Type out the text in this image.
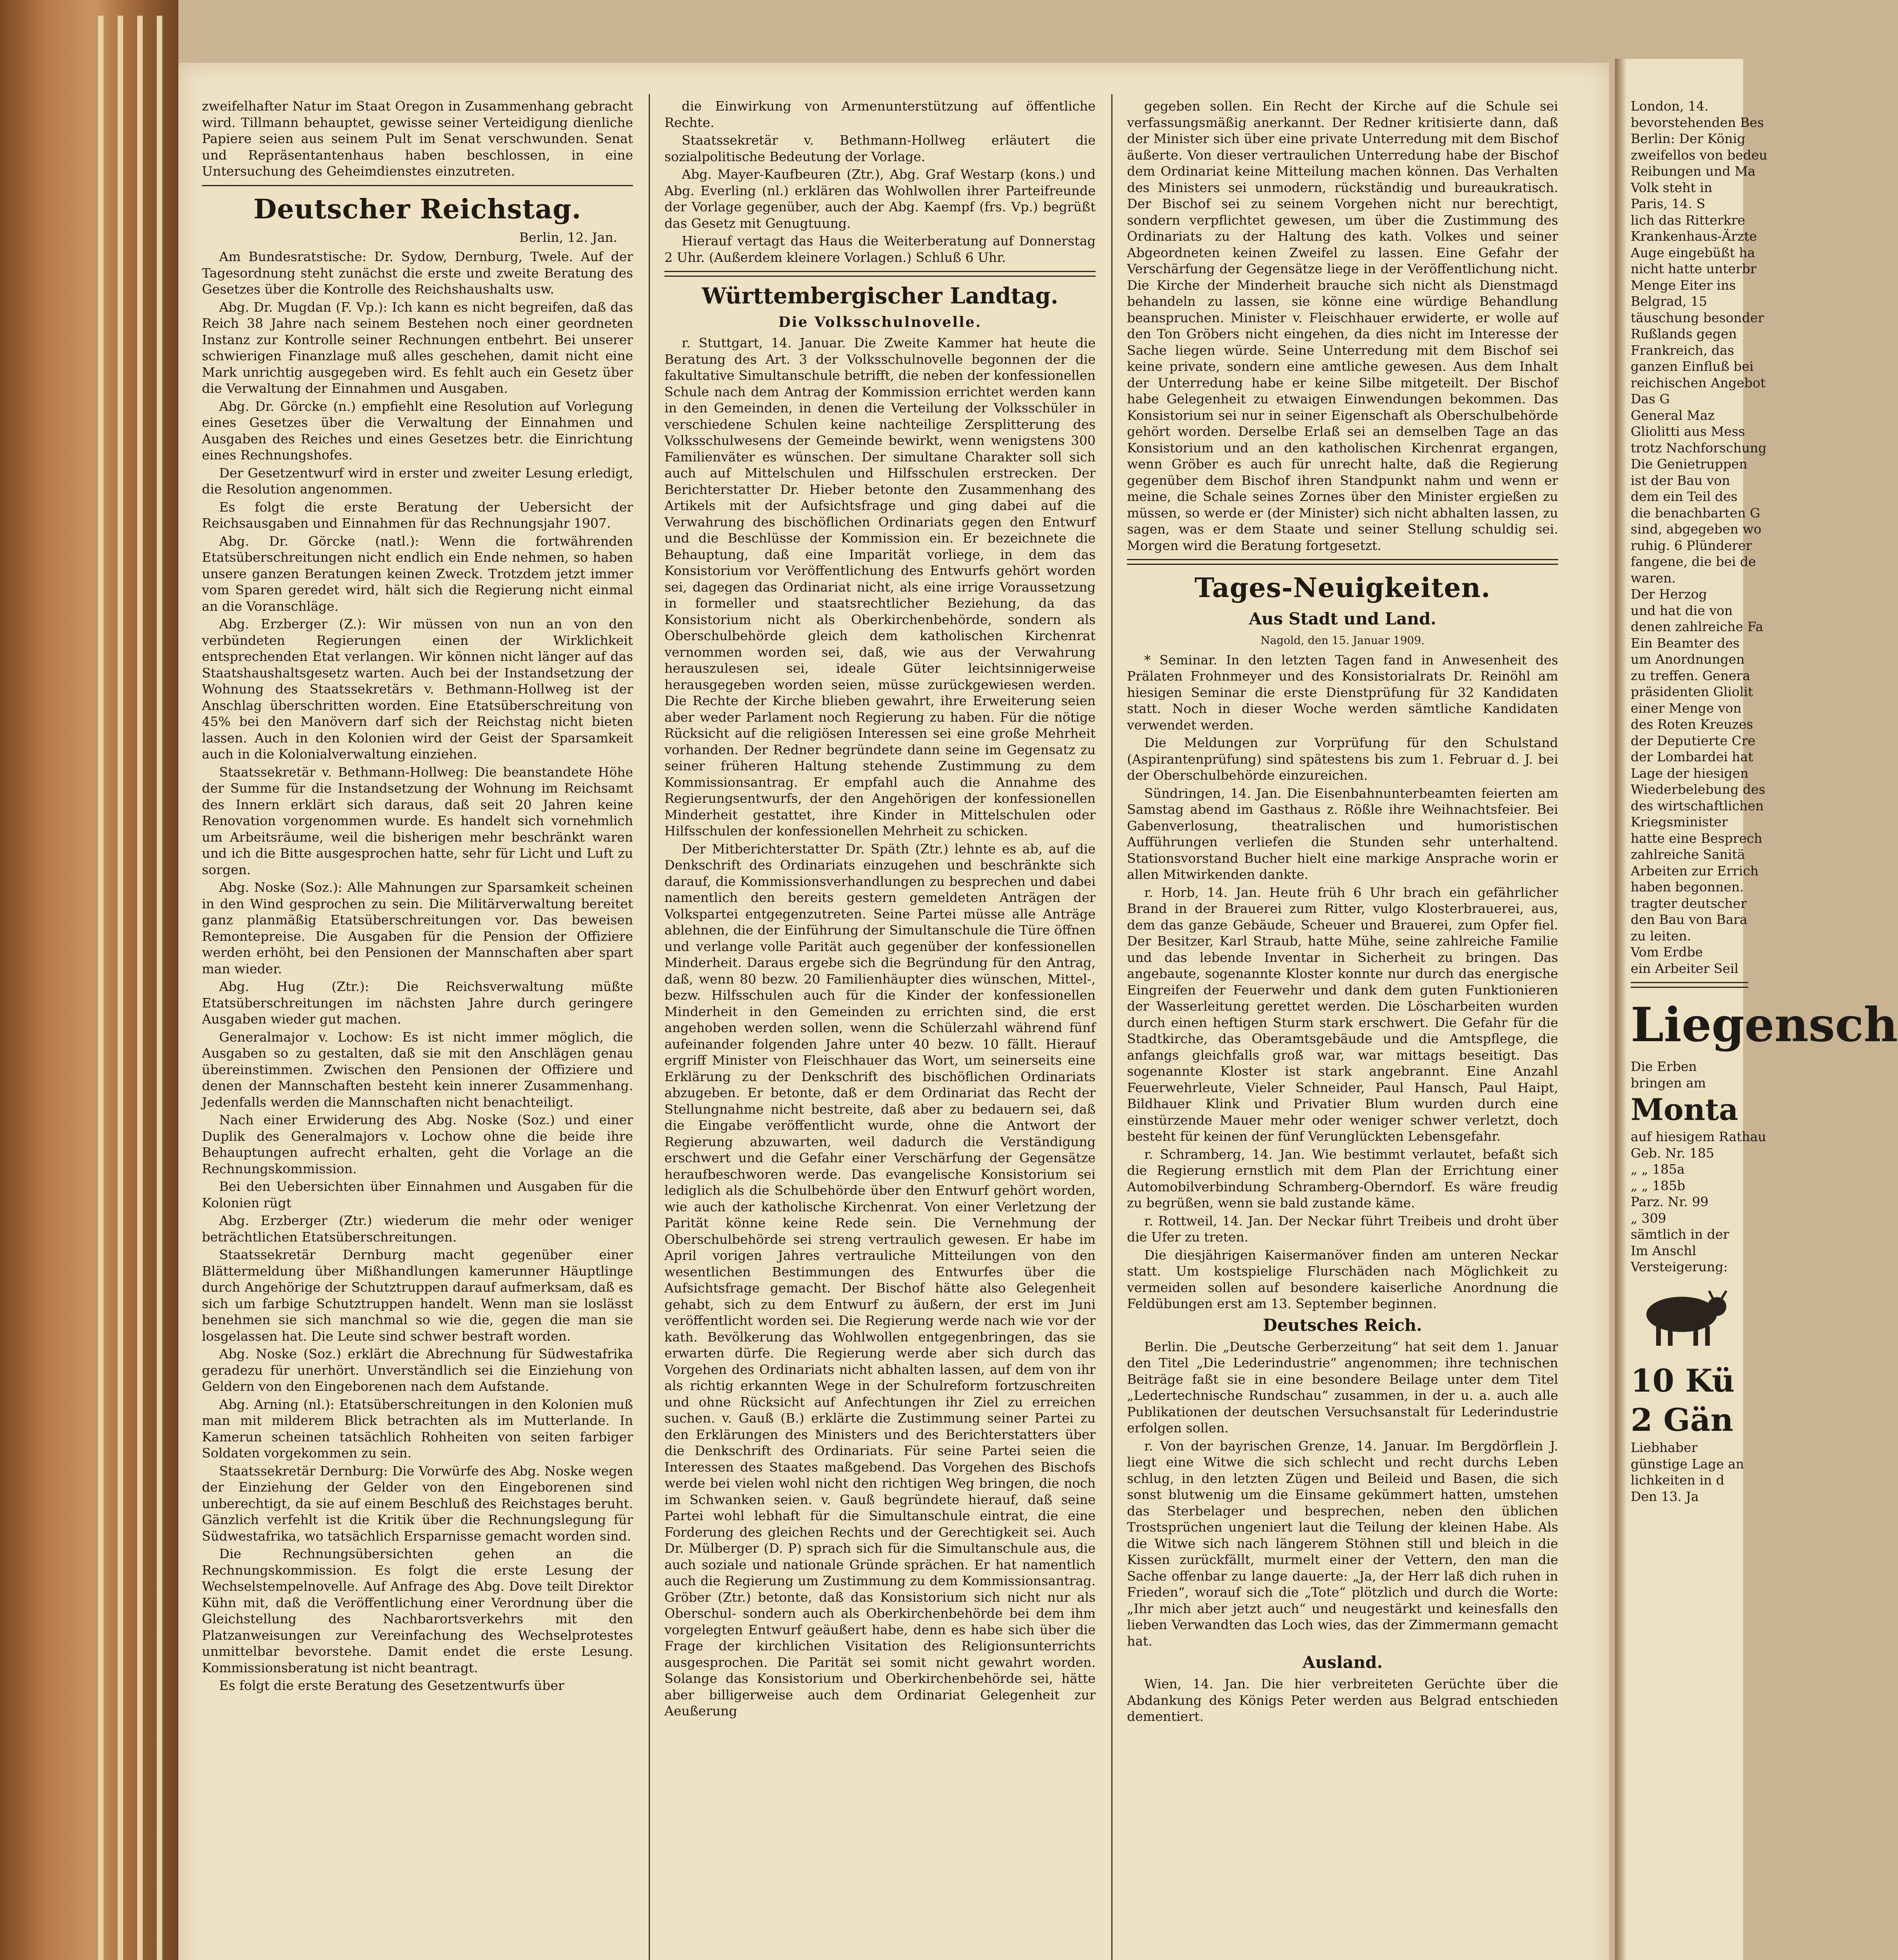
zweifelhafter Natur im Staat Oregon in Zusammenhang gebracht wird. Tillmann behauptet, gewisse seiner Verteidigung dienliche Papiere seien aus seinem Pult im Senat verschwunden. Senat und Repräsentantenhaus haben beschlossen, in eine Untersuchung des Geheimdienstes einzutreten.

Deutscher Reichstag.
Berlin, 12. Jan.

Am Bundesratstische: Dr. Sydow, Dernburg, Twele. Auf der Tagesordnung steht zunächst die erste und zweite Beratung des Gesetzes über die Kontrolle des Reichshaushalts usw.

Abg. Dr. Mugdan (F. Vp.): Ich kann es nicht begreifen, daß das Reich 38 Jahre nach seinem Bestehen noch einer geordneten Instanz zur Kontrolle seiner Rechnungen entbehrt. Bei unserer schwierigen Finanzlage muß alles geschehen, damit nicht eine Mark unrichtig ausgegeben wird. Es fehlt auch ein Gesetz über die Verwaltung der Einnahmen und Ausgaben.

Abg. Dr. Görcke (n.) empfiehlt eine Resolution auf Vorlegung eines Gesetzes über die Verwaltung der Einnahmen und Ausgaben des Reiches und eines Gesetzes betr. die Einrichtung eines Rechnungshofes.

Der Gesetzentwurf wird in erster und zweiter Lesung erledigt, die Resolution angenommen.

Es folgt die erste Beratung der Uebersicht der Reichsausgaben und Einnahmen für das Rechnungsjahr 1907.

Abg. Dr. Görcke (natl.): Wenn die fortwährenden Etatsüberschreitungen nicht endlich ein Ende nehmen, so haben unsere ganzen Beratungen keinen Zweck. Trotzdem jetzt immer vom Sparen geredet wird, hält sich die Regierung nicht einmal an die Voranschläge.

Abg. Erzberger (Z.): Wir müssen von nun an von den verbündeten Regierungen einen der Wirklichkeit entsprechenden Etat verlangen. Wir können nicht länger auf das Staatshaushaltsgesetz warten. Auch bei der Instandsetzung der Wohnung des Staatssekretärs v. Bethmann-Hollweg ist der Anschlag überschritten worden. Eine Etatsüberschreitung von 45% bei den Manövern darf sich der Reichstag nicht bieten lassen. Auch in den Kolonien wird der Geist der Sparsamkeit auch in die Kolonialverwaltung einziehen.

Staatssekretär v. Bethmann-Hollweg: Die beanstandete Höhe der Summe für die Instandsetzung der Wohnung im Reichsamt des Innern erklärt sich daraus, daß seit 20 Jahren keine Renovation vorgenommen wurde. Es handelt sich vornehmlich um Arbeitsräume, weil die bisherigen mehr beschränkt waren und ich die Bitte ausgesprochen hatte, sehr für Licht und Luft zu sorgen.

Abg. Noske (Soz.): Alle Mahnungen zur Sparsamkeit scheinen in den Wind gesprochen zu sein. Die Militärverwaltung bereitet ganz planmäßig Etatsüberschreitungen vor. Das beweisen Remontepreise. Die Ausgaben für die Pension der Offiziere werden erhöht, bei den Pensionen der Mannschaften aber spart man wieder.

Abg. Hug (Ztr.): Die Reichsverwaltung müßte Etatsüberschreitungen im nächsten Jahre durch geringere Ausgaben wieder gut machen.

Generalmajor v. Lochow: Es ist nicht immer möglich, die Ausgaben so zu gestalten, daß sie mit den Anschlägen genau übereinstimmen. Zwischen den Pensionen der Offiziere und denen der Mannschaften besteht kein innerer Zusammenhang. Jedenfalls werden die Mannschaften nicht benachteiligt.

Nach einer Erwiderung des Abg. Noske (Soz.) und einer Duplik des Generalmajors v. Lochow ohne die beide ihre Behauptungen aufrecht erhalten, geht die Vorlage an die Rechnungskommission.

Bei den Uebersichten über Einnahmen und Ausgaben für die Kolonien rügt

Abg. Erzberger (Ztr.) wiederum die mehr oder weniger beträchtlichen Etatsüberschreitungen.

Staatssekretär Dernburg macht gegenüber einer Blättermeldung über Mißhandlungen kamerunner Häuptlinge durch Angehörige der Schutztruppen darauf aufmerksam, daß es sich um farbige Schutztruppen handelt. Wenn man sie loslässt benehmen sie sich manchmal so wie die, gegen die man sie losgelassen hat. Die Leute sind schwer bestraft worden.

Abg. Noske (Soz.) erklärt die Abrechnung für Südwestafrika geradezu für unerhört. Unverständlich sei die Einziehung von Geldern von den Eingeborenen nach dem Aufstande.

Abg. Arning (nl.): Etatsüberschreitungen in den Kolonien muß man mit milderem Blick betrachten als im Mutterlande. In Kamerun scheinen tatsächlich Rohheiten von seiten farbiger Soldaten vorgekommen zu sein.

Staatssekretär Dernburg: Die Vorwürfe des Abg. Noske wegen der Einziehung der Gelder von den Eingeborenen sind unberechtigt, da sie auf einem Beschluß des Reichstages beruht. Gänzlich verfehlt ist die Kritik über die Rechnungslegung für Südwestafrika, wo tatsächlich Ersparnisse gemacht worden sind.

Die Rechnungsübersichten gehen an die Rechnungskommission. Es folgt die erste Lesung der Wechselstempelnovelle. Auf Anfrage des Abg. Dove teilt Direktor Kühn mit, daß die Veröffentlichung einer Verordnung über die Gleichstellung des Nachbarortsverkehrs mit den Platzanweisungen zur Vereinfachung des Wechselprotestes unmittelbar bevorstehe. Damit endet die erste Lesung. Kommissionsberatung ist nicht beantragt.

Es folgt die erste Beratung des Gesetzentwurfs über

die Einwirkung von Armenunterstützung auf öffentliche Rechte.

Staatssekretär v. Bethmann-Hollweg erläutert die sozialpolitische Bedeutung der Vorlage.

Abg. Mayer-Kaufbeuren (Ztr.), Abg. Graf Westarp (kons.) und Abg. Everling (nl.) erklären das Wohlwollen ihrer Parteifreunde der Vorlage gegenüber, auch der Abg. Kaempf (frs. Vp.) begrüßt das Gesetz mit Genugtuung.

Hierauf vertagt das Haus die Weiterberatung auf Donnerstag 2 Uhr. (Außerdem kleinere Vorlagen.) Schluß 6 Uhr.

Württembergischer Landtag.
Die Volksschulnovelle.

r. Stuttgart, 14. Januar. Die Zweite Kammer hat heute die Beratung des Art. 3 der Volksschulnovelle begonnen der die fakultative Simultanschule betrifft, die neben der konfessionellen Schule nach dem Antrag der Kommission errichtet werden kann in den Gemeinden, in denen die Verteilung der Volksschüler in verschiedene Schulen keine nachteilige Zersplitterung des Volksschulwesens der Gemeinde bewirkt, wenn wenigstens 300 Familienväter es wünschen. Der simultane Charakter soll sich auch auf Mittelschulen und Hilfsschulen erstrecken. Der Berichterstatter Dr. Hieber betonte den Zusammenhang des Artikels mit der Aufsichtsfrage und ging dabei auf die Verwahrung des bischöflichen Ordinariats gegen den Entwurf und die Beschlüsse der Kommission ein. Er bezeichnete die Behauptung, daß eine Imparität vorliege, in dem das Konsistorium vor Veröffentlichung des Entwurfs gehört worden sei, dagegen das Ordinariat nicht, als eine irrige Voraussetzung in formeller und staatsrechtlicher Beziehung, da das Konsistorium nicht als Oberkirchenbehörde, sondern als Oberschulbehörde gleich dem katholischen Kirchenrat vernommen worden sei, daß, wie aus der Verwahrung herauszulesen sei, ideale Güter leichtsinnigerweise herausgegeben worden seien, müsse zurückgewiesen werden. Die Rechte der Kirche blieben gewahrt, ihre Erweiterung seien aber weder Parlament noch Regierung zu haben. Für die nötige Rücksicht auf die religiösen Interessen sei eine große Mehrheit vorhanden. Der Redner begründete dann seine im Gegensatz zu seiner früheren Haltung stehende Zustimmung zu dem Kommissionsantrag. Er empfahl auch die Annahme des Regierungsentwurfs, der den Angehörigen der konfessionellen Minderheit gestattet, ihre Kinder in Mittelschulen oder Hilfsschulen der konfessionellen Mehrheit zu schicken.

Der Mitberichterstatter Dr. Späth (Ztr.) lehnte es ab, auf die Denkschrift des Ordinariats einzugehen und beschränkte sich darauf, die Kommissionsverhandlungen zu besprechen und dabei namentlich den bereits gestern gemeldeten Anträgen der Volkspartei entgegenzutreten. Seine Partei müsse alle Anträge ablehnen, die der Einführung der Simultanschule die Türe öffnen und verlange volle Parität auch gegenüber der konfessionellen Minderheit. Daraus ergebe sich die Begründung für den Antrag, daß, wenn 80 bezw. 20 Familienhäupter dies wünschen, Mittel-, bezw. Hilfsschulen auch für die Kinder der konfessionellen Minderheit in den Gemeinden zu errichten sind, die erst angehoben werden sollen, wenn die Schülerzahl während fünf aufeinander folgenden Jahre unter 40 bezw. 10 fällt. Hierauf ergriff Minister von Fleischhauer das Wort, um seinerseits eine Erklärung zu der Denkschrift des bischöflichen Ordinariats abzugeben. Er betonte, daß er dem Ordinariat das Recht der Stellungnahme nicht bestreite, daß aber zu bedauern sei, daß die Eingabe veröffentlicht wurde, ohne die Antwort der Regierung abzuwarten, weil dadurch die Verständigung erschwert und die Gefahr einer Verschärfung der Gegensätze heraufbeschworen werde. Das evangelische Konsistorium sei lediglich als die Schulbehörde über den Entwurf gehört worden, wie auch der katholische Kirchenrat. Von einer Verletzung der Parität könne keine Rede sein. Die Vernehmung der Oberschulbehörde sei streng vertraulich gewesen. Er habe im April vorigen Jahres vertrauliche Mitteilungen von den wesentlichen Bestimmungen des Entwurfes über die Aufsichtsfrage gemacht. Der Bischof hätte also Gelegenheit gehabt, sich zu dem Entwurf zu äußern, der erst im Juni veröffentlicht worden sei. Die Regierung werde nach wie vor der kath. Bevölkerung das Wohlwollen entgegenbringen, das sie erwarten dürfe. Die Regierung werde aber sich durch das Vorgehen des Ordinariats nicht abhalten lassen, auf dem von ihr als richtig erkannten Wege in der Schulreform fortzuschreiten und ohne Rücksicht auf Anfechtungen ihr Ziel zu erreichen suchen. v. Gauß (B.) erklärte die Zustimmung seiner Partei zu den Erklärungen des Ministers und des Berichterstatters über die Denkschrift des Ordinariats. Für seine Partei seien die Interessen des Staates maßgebend. Das Vorgehen des Bischofs werde bei vielen wohl nicht den richtigen Weg bringen, die noch im Schwanken seien. v. Gauß begründete hierauf, daß seine Partei wohl lebhaft für die Simultanschule eintrat, die eine Forderung des gleichen Rechts und der Gerechtigkeit sei. Auch Dr. Mülberger (D. P) sprach sich für die Simultanschule aus, die auch soziale und nationale Gründe sprächen. Er hat namentlich auch die Regierung um Zustimmung zu dem Kommissionsantrag. Gröber (Ztr.) betonte, daß das Konsistorium sich nicht nur als Oberschul- sondern auch als Oberkirchenbehörde bei dem ihm vorgelegten Entwurf geäußert habe, denn es habe sich über die Frage der kirchlichen Visitation des Religionsunterrichts ausgesprochen. Die Parität sei somit nicht gewahrt worden. Solange das Konsistorium und Oberkirchenbehörde sei, hätte aber billigerweise auch dem Ordinariat Gelegenheit zur Aeußerung

gegeben sollen. Ein Recht der Kirche auf die Schule sei verfassungsmäßig anerkannt. Der Redner kritisierte dann, daß der Minister sich über eine private Unterredung mit dem Bischof äußerte. Von dieser vertraulichen Unterredung habe der Bischof dem Ordinariat keine Mitteilung machen können. Das Verhalten des Ministers sei unmodern, rückständig und bureaukratisch. Der Bischof sei zu seinem Vorgehen nicht nur berechtigt, sondern verpflichtet gewesen, um über die Zustimmung des Ordinariats zu der Haltung des kath. Volkes und seiner Abgeordneten keinen Zweifel zu lassen. Eine Gefahr der Verschärfung der Gegensätze liege in der Veröffentlichung nicht. Die Kirche der Minderheit brauche sich nicht als Dienstmagd behandeln zu lassen, sie könne eine würdige Behandlung beanspruchen. Minister v. Fleischhauer erwiderte, er wolle auf den Ton Gröbers nicht eingehen, da dies nicht im Interesse der Sache liegen würde. Seine Unterredung mit dem Bischof sei keine private, sondern eine amtliche gewesen. Aus dem Inhalt der Unterredung habe er keine Silbe mitgeteilt. Der Bischof habe Gelegenheit zu etwaigen Einwendungen bekommen. Das Konsistorium sei nur in seiner Eigenschaft als Oberschulbehörde gehört worden. Derselbe Erlaß sei an demselben Tage an das Konsistorium und an den katholischen Kirchenrat ergangen, wenn Gröber es auch für unrecht halte, daß die Regierung gegenüber dem Bischof ihren Standpunkt nahm und wenn er meine, die Schale seines Zornes über den Minister ergießen zu müssen, so werde er (der Minister) sich nicht abhalten lassen, zu sagen, was er dem Staate und seiner Stellung schuldig sei. Morgen wird die Beratung fortgesetzt.

Tages-Neuigkeiten.
Aus Stadt und Land.
Nagold, den 15. Januar 1909.

* Seminar. In den letzten Tagen fand in Anwesenheit des Prälaten Frohnmeyer und des Konsistorialrats Dr. Reinöhl am hiesigen Seminar die erste Dienstprüfung für 32 Kandidaten statt. Noch in dieser Woche werden sämtliche Kandidaten verwendet werden.

Die Meldungen zur Vorprüfung für den Schulstand (Aspirantenprüfung) sind spätestens bis zum 1. Februar d. J. bei der Oberschulbehörde einzureichen.

Sündringen, 14. Jan. Die Eisenbahnunterbeamten feierten am Samstag abend im Gasthaus z. Rößle ihre Weihnachtsfeier. Bei Gabenverlosung, theatralischen und humoristischen Aufführungen verliefen die Stunden sehr unterhaltend. Stationsvorstand Bucher hielt eine markige Ansprache worin er allen Mitwirkenden dankte.

r. Horb, 14. Jan. Heute früh 6 Uhr brach ein gefährlicher Brand in der Brauerei zum Ritter, vulgo Klosterbrauerei, aus, dem das ganze Gebäude, Scheuer und Brauerei, zum Opfer fiel. Der Besitzer, Karl Straub, hatte Mühe, seine zahlreiche Familie und das lebende Inventar in Sicherheit zu bringen. Das angebaute, sogenannte Kloster konnte nur durch das energische Eingreifen der Feuerwehr und dank dem guten Funktionieren der Wasserleitung gerettet werden. Die Löscharbeiten wurden durch einen heftigen Sturm stark erschwert. Die Gefahr für die Stadtkirche, das Oberamtsgebäude und die Amtspflege, die anfangs gleichfalls groß war, war mittags beseitigt. Das sogenannte Kloster ist stark angebrannt. Eine Anzahl Feuerwehrleute, Vieler Schneider, Paul Hansch, Paul Haipt, Bildhauer Klink und Privatier Blum wurden durch eine einstürzende Mauer mehr oder weniger schwer verletzt, doch besteht für keinen der fünf Verunglückten Lebensgefahr.

r. Schramberg, 14. Jan. Wie bestimmt verlautet, befaßt sich die Regierung ernstlich mit dem Plan der Errichtung einer Automobilverbindung Schramberg-Oberndorf. Es wäre freudig zu begrüßen, wenn sie bald zustande käme.

r. Rottweil, 14. Jan. Der Neckar führt Treibeis und droht über die Ufer zu treten.

Die diesjährigen Kaisermanöver finden am unteren Neckar statt. Um kostspielige Flurschäden nach Möglichkeit zu vermeiden sollen auf besondere kaiserliche Anordnung die Feldübungen erst am 13. September beginnen.

Deutsches Reich.

Berlin. Die „Deutsche Gerberzeitung“ hat seit dem 1. Januar den Titel „Die Lederindustrie“ angenommen; ihre technischen Beiträge faßt sie in eine besondere Beilage unter dem Titel „Ledertechnische Rundschau“ zusammen, in der u. a. auch alle Publikationen der deutschen Versuchsanstalt für Lederindustrie erfolgen sollen.

r. Von der bayrischen Grenze, 14. Januar. Im Bergdörflein J. liegt eine Witwe die sich schlecht und recht durchs Leben schlug, in den letzten Zügen und Beileid und Basen, die sich sonst blutwenig um die Einsame gekümmert hatten, umstehen das Sterbelager und besprechen, neben den üblichen Trostsprüchen ungeniert laut die Teilung der kleinen Habe. Als die Witwe sich nach längerem Stöhnen still und bleich in die Kissen zurückfällt, murmelt einer der Vettern, den man die Sache offenbar zu lange dauerte: „Ja, der Herr laß dich ruhen in Frieden“, worauf sich die „Tote“ plötzlich und durch die Worte: „Ihr mich aber jetzt auch“ und neugestärkt und keinesfalls den lieben Verwandten das Loch wies, das der Zimmermann gemacht hat.

Ausland.

Wien, 14. Jan. Die hier verbreiteten Gerüchte über die Abdankung des Königs Peter werden aus Belgrad entschieden dementiert.

London, 14.

bevorstehenden Bes

Berlin: Der König

zweifellos von bedeu

Reibungen und Ma

Volk steht in

Paris, 14. S

lich das Ritterkre

Krankenhaus-Ärzte

Auge eingebüßt ha

nicht hatte unterbr

Menge Eiter ins

Belgrad, 15

täuschung besonder

Rußlands gegen

Frankreich, das

ganzen Einfluß bei

reichischen Angebot

Das G

General Maz

Gliolitti aus Mess

trotz Nachforschung

Die Genietruppen

ist der Bau von

dem ein Teil des

die benachbarten G

sind, abgegeben wo

ruhig. 6 Plünderer

fangene, die bei de

waren.

Der Herzog

und hat die von

denen zahlreiche Fa

Ein Beamter des

um Anordnungen

zu treffen. Genera

präsidenten Gliolit

einer Menge von

des Roten Kreuzes

der Deputierte Cre

der Lombardei hat

Lage der hiesigen

Wiederbelebung des

des wirtschaftlichen

Kriegsminister

hatte eine Besprech

zahlreiche Sanitä

Arbeiten zur Errich

haben begonnen.

tragter deutscher

den Bau von Bara

zu leiten.

Vom Erdbe

ein Arbeiter Seil

Liegensch

Die Erben

bringen am

Monta

auf hiesigem Rathau

Geb. Nr. 185

„ „ 185a

„ „ 185b

Parz. Nr. 99

„ 309

sämtlich in der

Im Anschl

Versteigerung:

10 Kü
2 Gän

Liebhaber

günstige Lage an

lichkeiten in d

Den 13. Ja
